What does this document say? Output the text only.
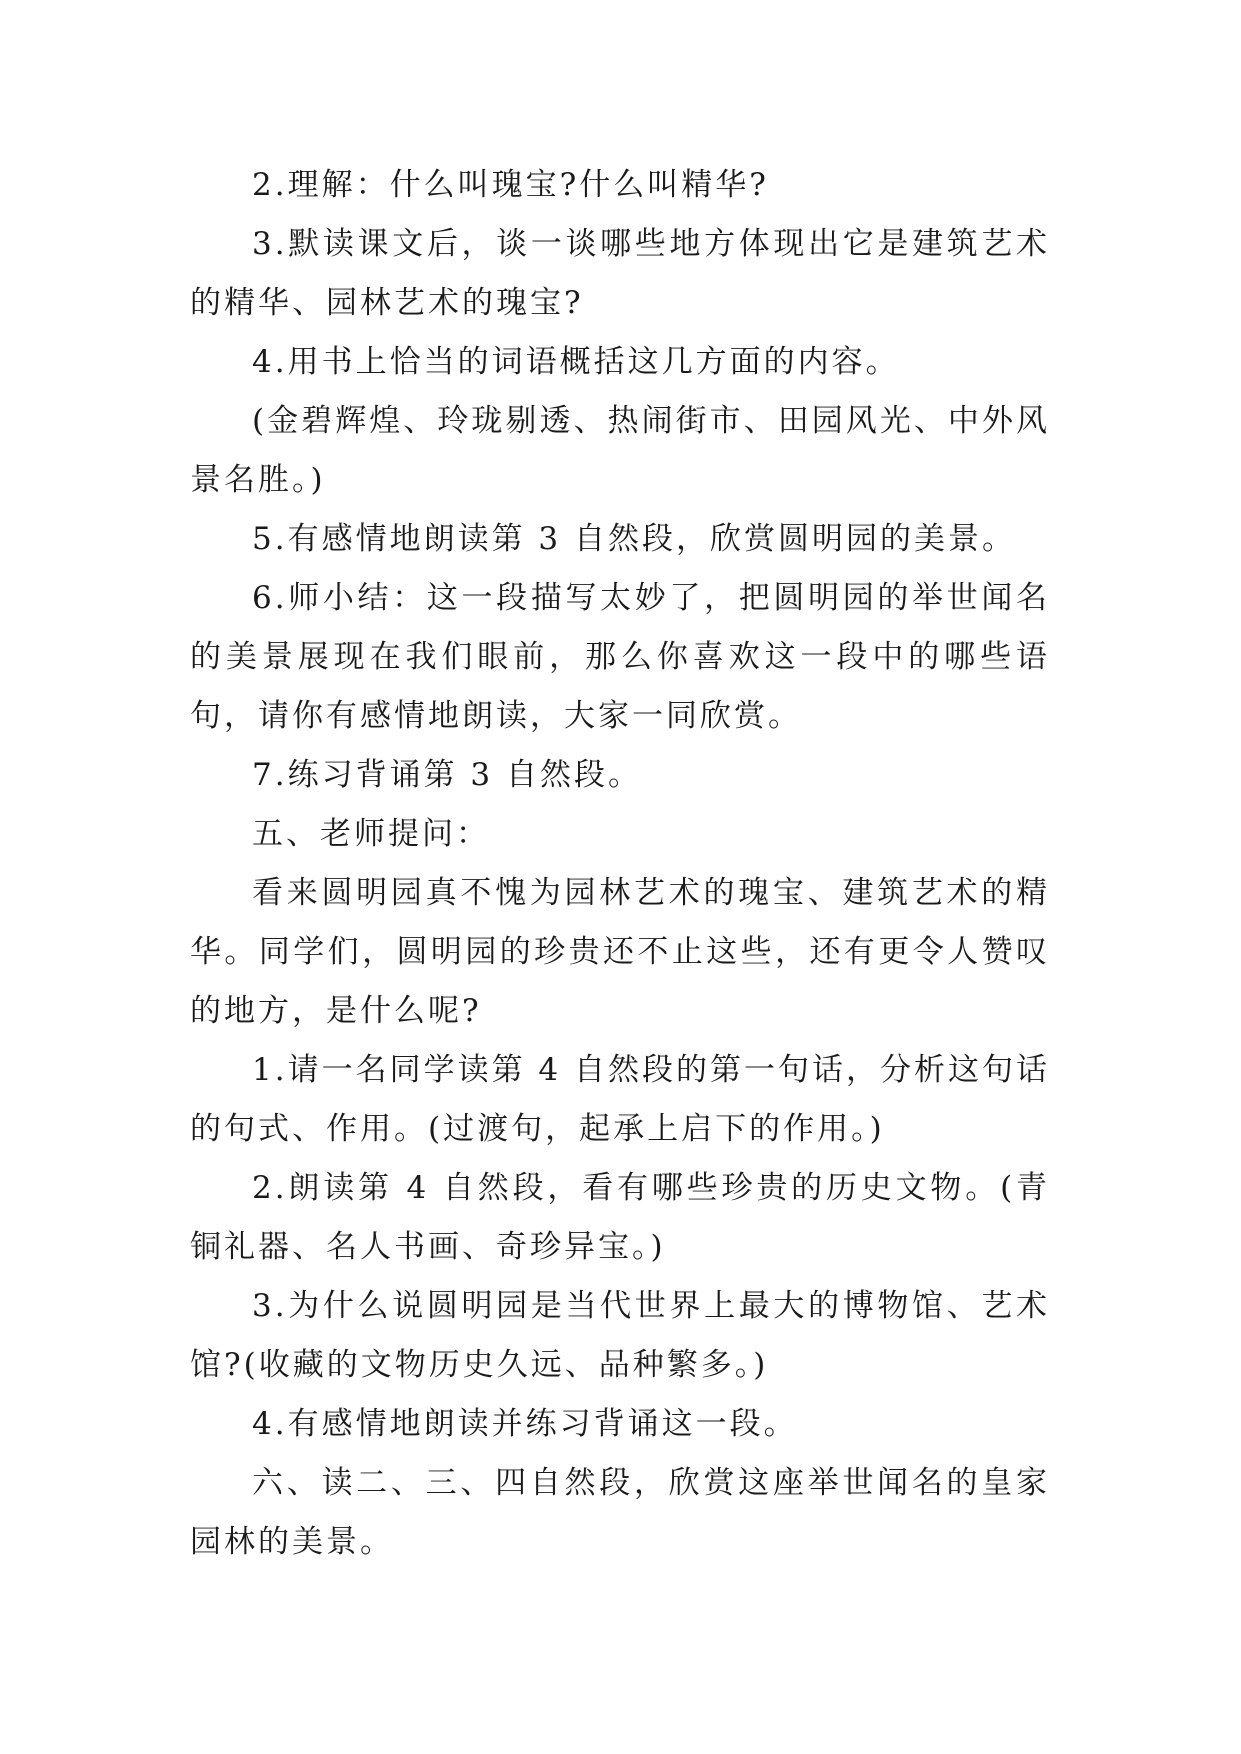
2.理解：什么叫瑰宝?什么叫精华?

3.默读课文后，谈一谈哪些地方体现出它是建筑艺术的精华、园林艺术的瑰宝?

4.用书上恰当的词语概括这几方面的内容。

(金碧辉煌、玲珑剔透、热闹街市、田园风光、中外风景名胜。)

5.有感情地朗读第 3 自然段，欣赏圆明园的美景。

6.师小结：这一段描写太妙了，把圆明园的举世闻名的美景展现在我们眼前，那么你喜欢这一段中的哪些语句，请你有感情地朗读，大家一同欣赏。

7.练习背诵第 3 自然段。

五、老师提问：

看来圆明园真不愧为园林艺术的瑰宝、建筑艺术的精华。同学们，圆明园的珍贵还不止这些，还有更令人赞叹的地方，是什么呢?

1.请一名同学读第 4 自然段的第一句话，分析这句话的句式、作用。(过渡句，起承上启下的作用。)

2.朗读第 4 自然段，看有哪些珍贵的历史文物。(青铜礼器、名人书画、奇珍异宝。)

3.为什么说圆明园是当代世界上最大的博物馆、艺术馆?(收藏的文物历史久远、品种繁多。)

4.有感情地朗读并练习背诵这一段。

六、读二、三、四自然段，欣赏这座举世闻名的皇家园林的美景。
